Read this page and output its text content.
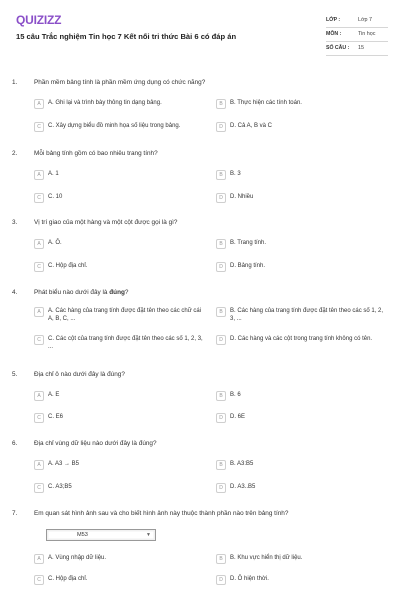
QUIZIZZ
15 câu Trắc nghiệm Tin học 7 Kết nối tri thức Bài 6 có đáp án
LỚP :	Lớp 7
MÔN :	Tin học
SỐ CÂU :	15
1.	Phần mềm bảng tính là phần mềm ứng dụng có chức năng?
A	A. Ghi lại và trình bày thông tin dạng bảng.	B	B. Thực hiện các tính toán.
C	C. Xây dựng biểu đồ minh họa số liệu trong bảng.	D	D. Cả A, B và C
2.	Mỗi bảng tính gồm có bao nhiêu trang tính?
A	A. 1	B	B. 3
C	C. 10	D	D. Nhiều
3.	Vị trí giao của một hàng và một cột được gọi là gì?
A	A. Ô.	B	B. Trang tính.
C	C. Hộp địa chỉ.	D	D. Bảng tính.
4.	Phát biểu nào dưới đây là đúng?
A	A. Các hàng của trang tính được đặt tên theo các chữ cái A, B, C, ...
B	B. Các hàng của trang tính được đặt tên theo các số 1, 2, 3, ...
C	C. Các cột của trang tính được đặt tên theo các số 1, 2, 3, ...
D	D. Các hàng và các cột trong trang tính không có tên.
5.	Địa chỉ ô nào dưới đây là đúng?
A	A. E	B	B. 6
C	C. E6	D	D. 6E
6.	Địa chỉ vùng dữ liệu nào dưới đây là đúng?
A	A. A3 → B5	B	B. A3:B5
C	C. A3;B5	D	D. A3..B5
7.	Em quan sát hình ảnh sau và cho biết hình ảnh này thuộc thành phần nào trên bảng tính?
M53	▼
A	A. Vùng nhập dữ liệu.	B	B. Khu vực hiển thị dữ liệu.
C	C. Hộp địa chỉ.	D	D. Ô hiện thời.
